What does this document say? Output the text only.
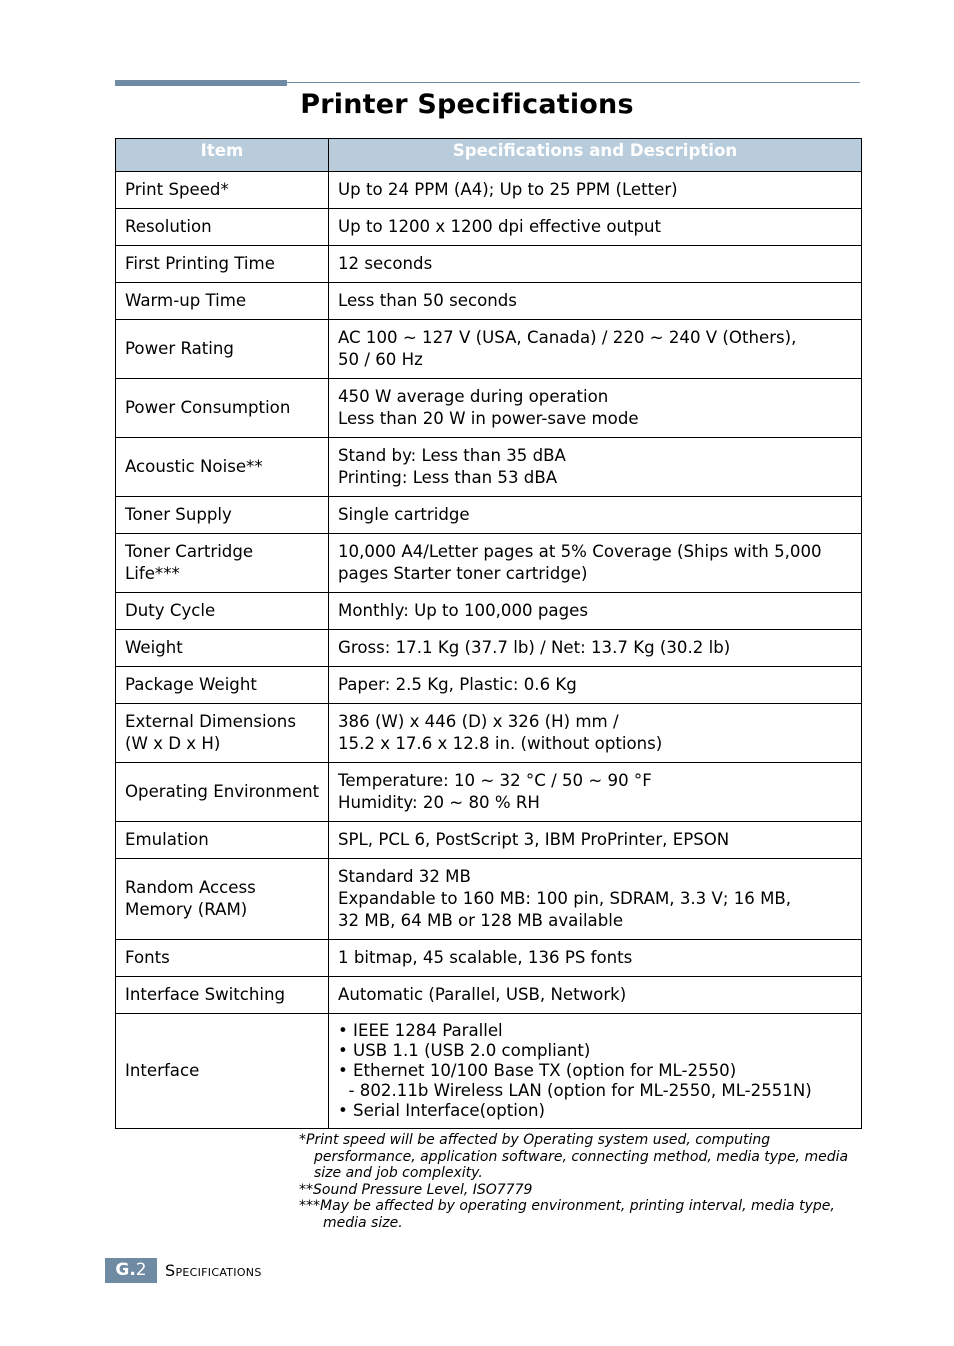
Printer Specifications
Item	Specifications and Description

Print Speed*	Up to 24 PPM (A4); Up to 25 PPM (Letter)

Resolution	Up to 1200 x 1200 dpi effective output

First Printing Time	12 seconds

Warm-up Time	Less than 50 seconds

Power Rating	AC 100 ~ 127 V (USA, Canada) / 220 ~ 240 V (Others),
50 / 60 Hz

Power Consumption	450 W average during operation
Less than 20 W in power-save mode

Acoustic Noise**	Stand by: Less than 35 dBA
Printing: Less than 53 dBA

Toner Supply	Single cartridge

Toner Cartridge
Life***	10,000 A4/Letter pages at 5% Coverage (Ships with 5,000
pages Starter toner cartridge)

Duty Cycle	Monthly: Up to 100,000 pages

Weight	Gross: 17.1 Kg (37.7 lb) / Net: 13.7 Kg (30.2 lb)

Package Weight	Paper: 2.5 Kg, Plastic: 0.6 Kg

External Dimensions
(W x D x H)	386 (W) x 446 (D) x 326 (H) mm /
15.2 x 17.6 x 12.8 in. (without options)

Operating Environment	Temperature: 10 ~ 32 °C / 50 ~ 90 °F
Humidity: 20 ~ 80 % RH

Emulation	SPL, PCL 6, PostScript 3, IBM ProPrinter, EPSON

Random Access
Memory (RAM)	Standard 32 MB
Expandable to 160 MB: 100 pin, SDRAM, 3.3 V; 16 MB,
32 MB, 64 MB or 128 MB available

Fonts	1 bitmap, 45 scalable, 136 PS fonts

Interface Switching	Automatic (Parallel, USB, Network)

Interface	• IEEE 1284 Parallel
• USB 1.1 (USB 2.0 compliant)
• Ethernet 10/100 Base TX (option for ML-2550)
- 802.11b Wireless LAN (option for ML-2550, ML-2551N)
• Serial Interface(option)
*Print speed will be affected by Operating system used, computing
persformance, application software, connecting method, media type, media
size and job complexity.
**Sound Pressure Level, ISO7779
***May be affected by operating environment, printing interval, media type,
media size.
G.2	Specifications
